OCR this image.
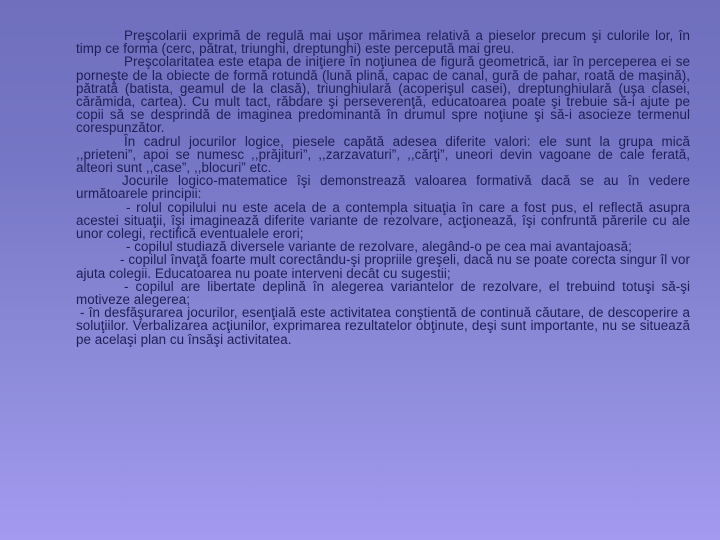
Preşcolarii exprimă de regulă mai uşor mărimea relativă a pieselor precum şi culorile lor, în timp ce forma (cerc, pătrat, triunghi, dreptunghi) este percepută mai greu.

Preşcolaritatea este etapa de iniţiere în noţiunea de figură geometrică, iar în perceperea ei se porneşte de la obiecte de formă rotundă (lună plină, capac de canal, gură de pahar, roată de maşină), pătrată (batista, geamul de la clasă), triunghiulară (acoperişul casei), dreptunghiulară (uşa clasei, cărămida, cartea). Cu mult tact, răbdare şi perseverenţă, educatoarea poate şi trebuie să-i ajute pe copii să se desprindă de imaginea predominantă în drumul spre noţiune şi să-i asocieze termenul corespunzător.

În cadrul jocurilor logice, piesele capătă adesea diferite valori: ele sunt la grupa mică ,,prieteni”, apoi se numesc ,,prăjituri”, ,,zarzavaturi”, ,,cărţi”, uneori devin vagoane de cale ferată, alteori sunt ,,case”, ,,blocuri” etc.

Jocurile logico-matematice îşi demonstrează valoarea formativă dacă se au în vedere următoarele principii:

- rolul copilului nu este acela de a contempla situaţia în care a fost pus, el reflectă asupra acestei situaţii, îşi imaginează diferite variante de rezolvare, acţionează, îşi confruntă părerile cu ale unor colegi, rectifică eventualele erori;

- copilul studiază diversele variante de rezolvare, alegând-o pe cea mai avantajoasă;

- copilul învaţă foarte mult corectându-şi propriile greşeli, dacă nu se poate corecta singur îl vor ajuta colegii. Educatoarea nu poate interveni decât cu sugestii;

- copilul are libertate deplină în alegerea variantelor de rezolvare, el trebuind totuşi să-şi motiveze alegerea;

- în desfăşurarea jocurilor, esenţială este activitatea conştientă de continuă căutare, de descoperire a soluţiilor. Verbalizarea acţiunilor, exprimarea rezultatelor obţinute, deşi sunt importante, nu se situează pe acelaşi plan cu însăşi activitatea.
